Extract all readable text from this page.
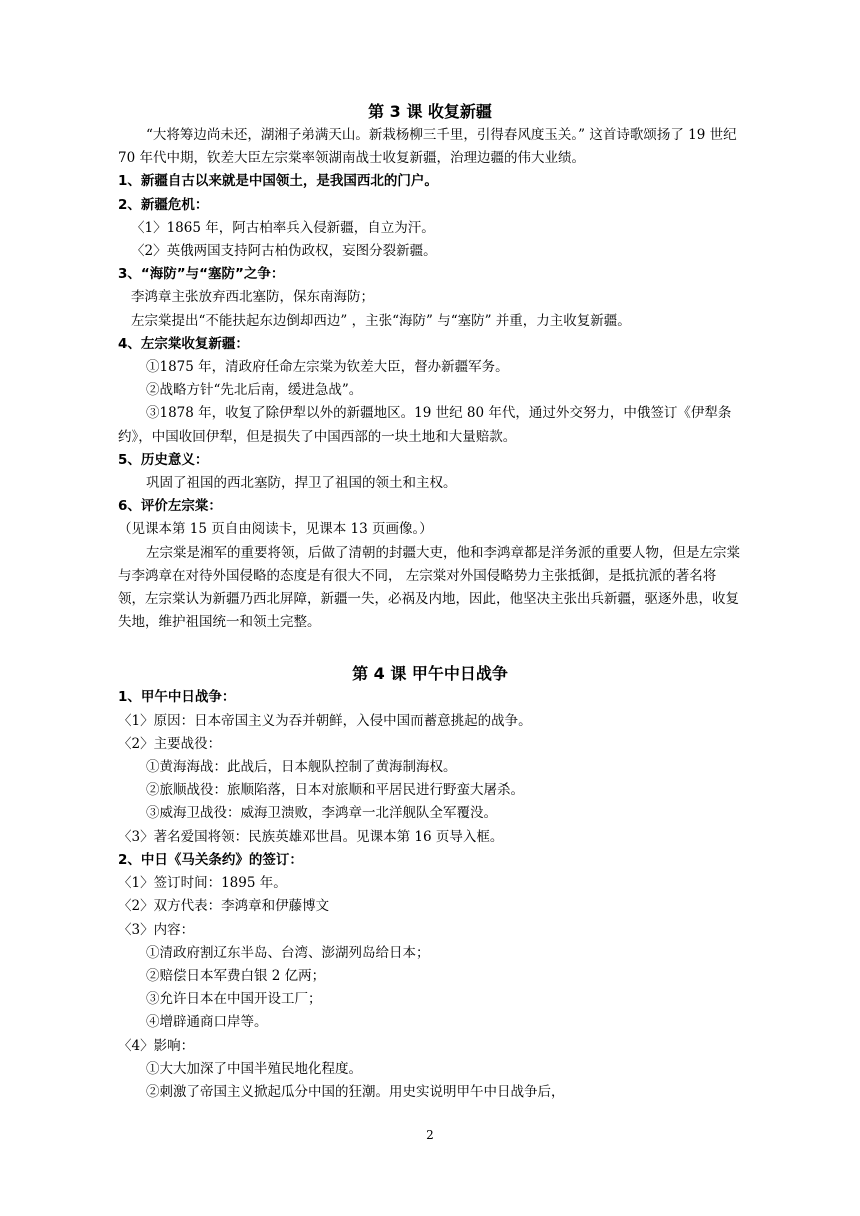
第 3 课 收复新疆

“大将筹边尚未还，湖湘子弟满天山。新栽杨柳三千里，引得春风度玉关。” 这首诗歌颂扬了 19 世纪 70 年代中期，钦差大臣左宗棠率领湖南战士收复新疆，治理边疆的伟大业绩。

1、新疆自古以来就是中国领土，是我国西北的门户。

2、新疆危机：

〈1〉1865 年，阿古柏率兵入侵新疆，自立为汗。

〈2〉英俄两国支持阿古柏伪政权，妄图分裂新疆。

3、“海防”与“塞防”之争：

李鸿章主张放弃西北塞防，保东南海防；

左宗棠提出“不能扶起东边倒却西边” ，主张“海防” 与“塞防” 并重，力主收复新疆。

4、左宗棠收复新疆：

①1875 年，清政府任命左宗棠为钦差大臣，督办新疆军务。

②战略方针“先北后南，缓进急战”。

③1878 年，收复了除伊犁以外的新疆地区。19 世纪 80 年代，通过外交努力，中俄签订《伊犁条约》，中国收回伊犁，但是损失了中国西部的一块土地和大量赔款。

5、历史意义：

巩固了祖国的西北塞防，捍卫了祖国的领土和主权。

6、评价左宗棠：

（见课本第 15 页自由阅读卡，见课本 13 页画像。）

左宗棠是湘军的重要将领，后做了清朝的封疆大吏，他和李鸿章都是洋务派的重要人物，但是左宗棠与李鸿章在对待外国侵略的态度是有很大不同， 左宗棠对外国侵略势力主张抵御，是抵抗派的著名将领，左宗棠认为新疆乃西北屏障，新疆一失，必祸及内地，因此，他坚决主张出兵新疆，驱逐外患，收复失地，维护祖国统一和领土完整。

第 4 课 甲午中日战争

1、甲午中日战争：

〈1〉原因：日本帝国主义为吞并朝鲜，入侵中国而蓄意挑起的战争。

〈2〉主要战役：

①黄海海战：此战后，日本舰队控制了黄海制海权。

②旅顺战役：旅顺陷落，日本对旅顺和平居民进行野蛮大屠杀。

③威海卫战役：威海卫溃败，李鸿章一北洋舰队全军覆没。

〈3〉著名爱国将领：民族英雄邓世昌。见课本第 16 页导入框。

2、中日《马关条约》的签订：

〈1〉签订时间：1895 年。

〈2〉双方代表：李鸿章和伊藤博文

〈3〉内容：

①清政府割辽东半岛、台湾、澎湖列岛给日本；

②赔偿日本军费白银 2 亿两；

③允许日本在中国开设工厂；

④增辟通商口岸等。

〈4〉影响：

①大大加深了中国半殖民地化程度。

②刺激了帝国主义掀起瓜分中国的狂潮。用史实说明甲午中日战争后，

2
